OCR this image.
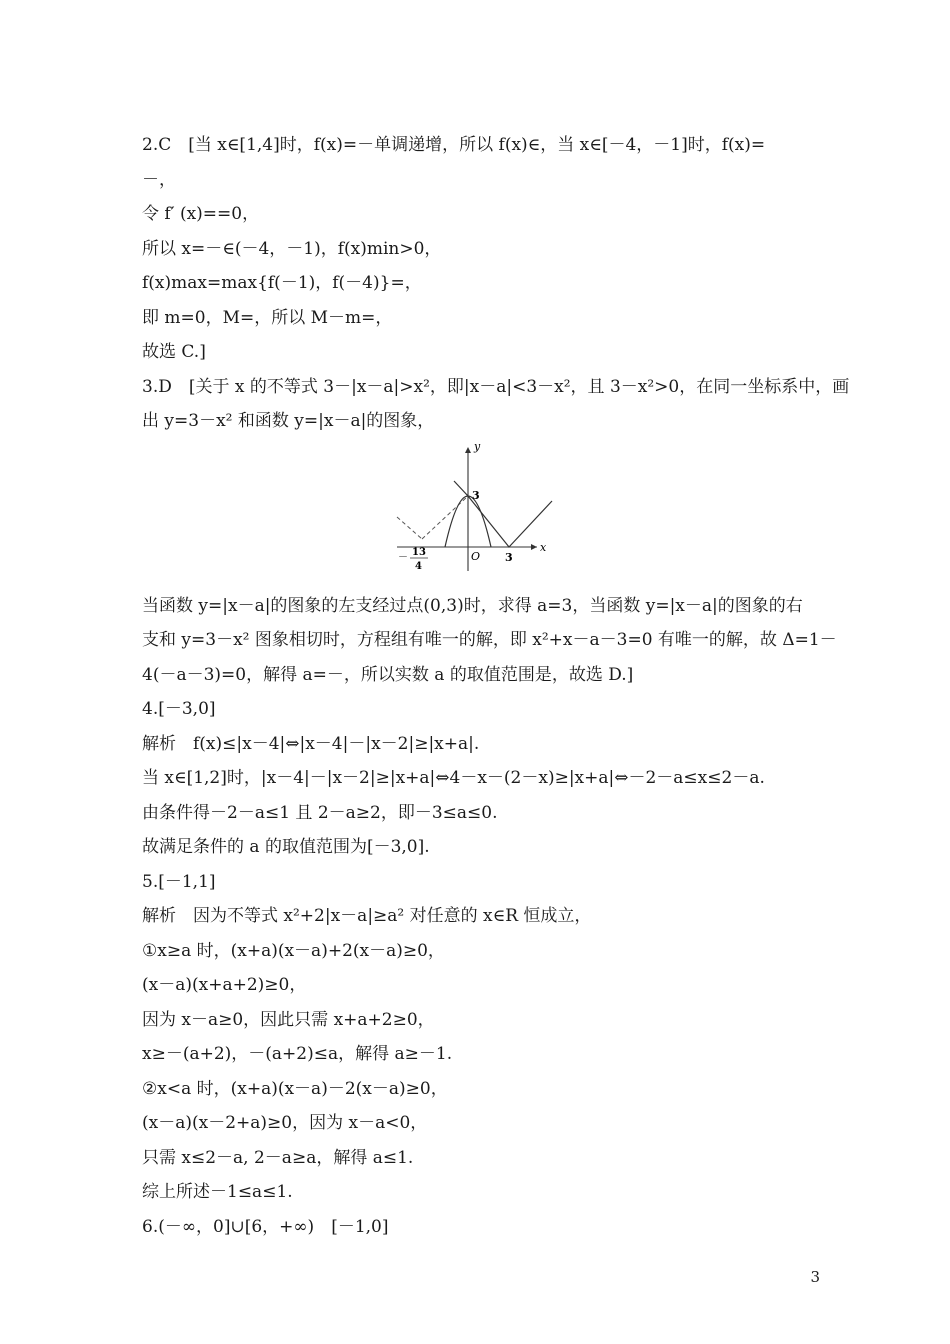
2.C　[当 x∈[1,4]时，f(x)=－单调递增，所以 f(x)∈，当 x∈[－4，－1]时，f(x)=
－，
令 f′ (x)==0，
所以 x=－∈(－4，－1)，f(x)min>0，
f(x)max=max{f(－1)，f(－4)}=，
即 m=0，M=，所以 M－m=，
故选 C.]
3.D　[关于 x 的不等式 3－|x－a|>x²，即|x－a|<3－x²，且 3－x²>0，在同一坐标系中，画
出 y=3－x² 和函数 y=|x－a|的图象，
y
x
3
3
O
－ 13
4
当函数 y=|x－a|的图象的左支经过点(0,3)时，求得 a=3，当函数 y=|x－a|的图象的右
支和 y=3－x² 图象相切时，方程组有唯一的解，即 x²+x－a－3=0 有唯一的解，故 Δ=1－
4(－a－3)=0，解得 a=－，所以实数 a 的取值范围是，故选 D.]
4.[－3,0]
解析　f(x)≤|x－4|⇔|x－4|－|x－2|≥|x+a|.
当 x∈[1,2]时，|x－4|－|x－2|≥|x+a|⇔4－x－(2－x)≥|x+a|⇔－2－a≤x≤2－a.
由条件得－2－a≤1 且 2－a≥2，即－3≤a≤0.
故满足条件的 a 的取值范围为[－3,0].
5.[－1,1]
解析　因为不等式 x²+2|x－a|≥a² 对任意的 x∈R 恒成立，
①x≥a 时，(x+a)(x－a)+2(x－a)≥0，
(x－a)(x+a+2)≥0，
因为 x－a≥0，因此只需 x+a+2≥0，
x≥－(a+2)，－(a+2)≤a，解得 a≥－1.
②x<a 时，(x+a)(x－a)－2(x－a)≥0，
(x－a)(x－2+a)≥0，因为 x－a<0，
只需 x≤2－a, 2－a≥a，解得 a≤1.
综上所述－1≤a≤1.
6.(－∞，0]∪[6，+∞)　[－1,0]
3
